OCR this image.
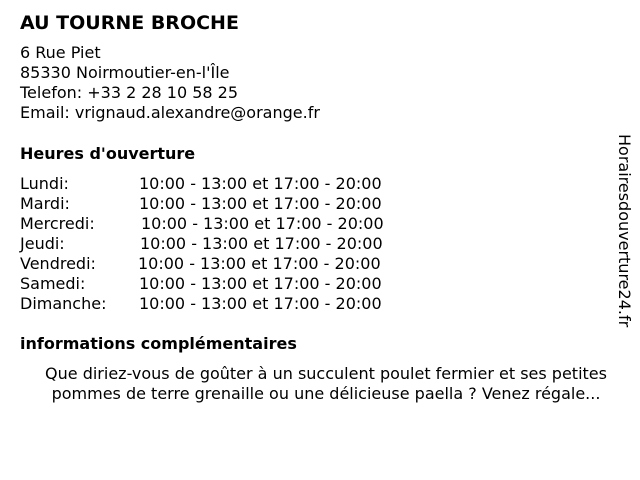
AU TOURNE BROCHE
6 Rue Piet
85330 Noirmoutier-en-l'Île
Telefon: +33 2 28 10 58 25
Email: vrignaud.alexandre@orange.fr
Heures d'ouverture
Lundi:	10:00 - 13:00 et 17:00 - 20:00
Mardi:	10:00 - 13:00 et 17:00 - 20:00
Mercredi:	10:00 - 13:00 et 17:00 - 20:00
Jeudi:	10:00 - 13:00 et 17:00 - 20:00
Vendredi:	10:00 - 13:00 et 17:00 - 20:00
Samedi:	10:00 - 13:00 et 17:00 - 20:00
Dimanche: 10:00 - 13:00 et 17:00 - 20:00
informations complémentaires
Que diriez-vous de goûter à un succulent poulet fermier et ses petites pommes de terre grenaille ou une délicieuse paella ? Venez régale...
Horairesdouverture24.fr
